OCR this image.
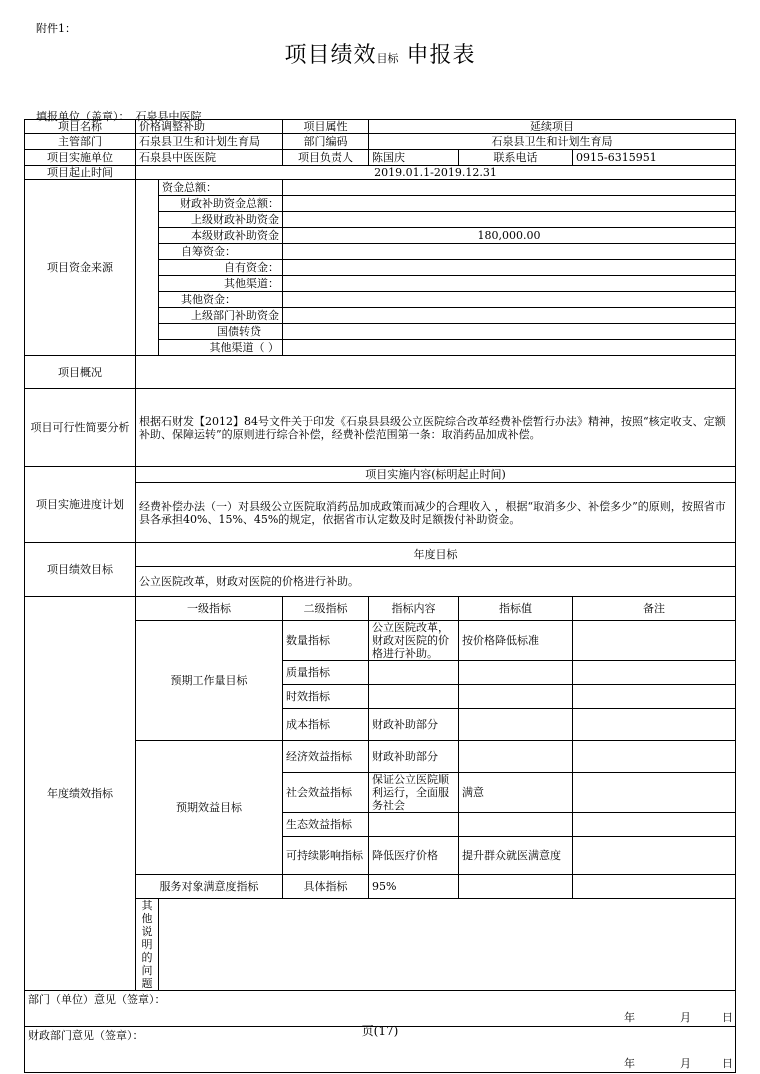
附件1：
项目绩效目标 申报表
填报单位（盖章）： 石泉县中医院
项目名称	价格调整补助		项目属性	延续项目		
主管部门	石泉县卫生和计划生育局		部门编码	石泉县卫生和计划生育局		
项目实施单位	石泉县中医医院		项目负责人	陈国庆	联系电话	0915-6315951
项目起止时间	2019.01.1-2019.12.31					
项目资金来源		资金总额：				
		财政补助资金总额：				
		上级财政补助资金				
		本级财政补助资金	180,000.00			
		自筹资金：				
		自有资金：				
		其他渠道：				
		其他资金：				
		上级部门补助资金				
		国债转贷				
		其他渠道（ ）				
项目概况						
项目可行性简要分析	根据石财发【2012】84号文件关于印发《石泉县县级公立医院综合改革经费补偿暂行办法》精神，按照“核定收支、定额补助、保障运转”的原则进行综合补偿，经费补偿范围第一条：取消药品加成补偿。					
项目实施进度计划	项目实施内容(标明起止时间)					
	经费补偿办法（一）对县级公立医院取消药品加成政策而减少的合理收入 ，根据“取消多少、补偿多少”的原则，按照省市县各承担40%、15%、45%的规定，依据省市认定数及时足额拨付补助资金。					
项目绩效目标	年度目标					
	公立医院改革，财政对医院的价格进行补助。					
年度绩效指标	一级指标		二级指标	指标内容	指标值	备注
	预期工作量目标		数量指标	公立医院改革，财政对医院的价格进行补助。	按价格降低标准	
			质量指标			
			时效指标			
			成本指标	财政补助部分		
	预期效益目标		经济效益指标	财政补助部分		
			社会效益指标	保证公立医院顺利运行，全面服务社会	满意	
			生态效益指标			
			可持续影响指标	降低医疗价格	提升群众就医满意度	
	服务对象满意度指标		具体指标	95%		
	其他说明的问题					

部门（单位）意见（签章）：
年 月 日						

财政部门意见（签章）：
年 月 日						
页(17)
